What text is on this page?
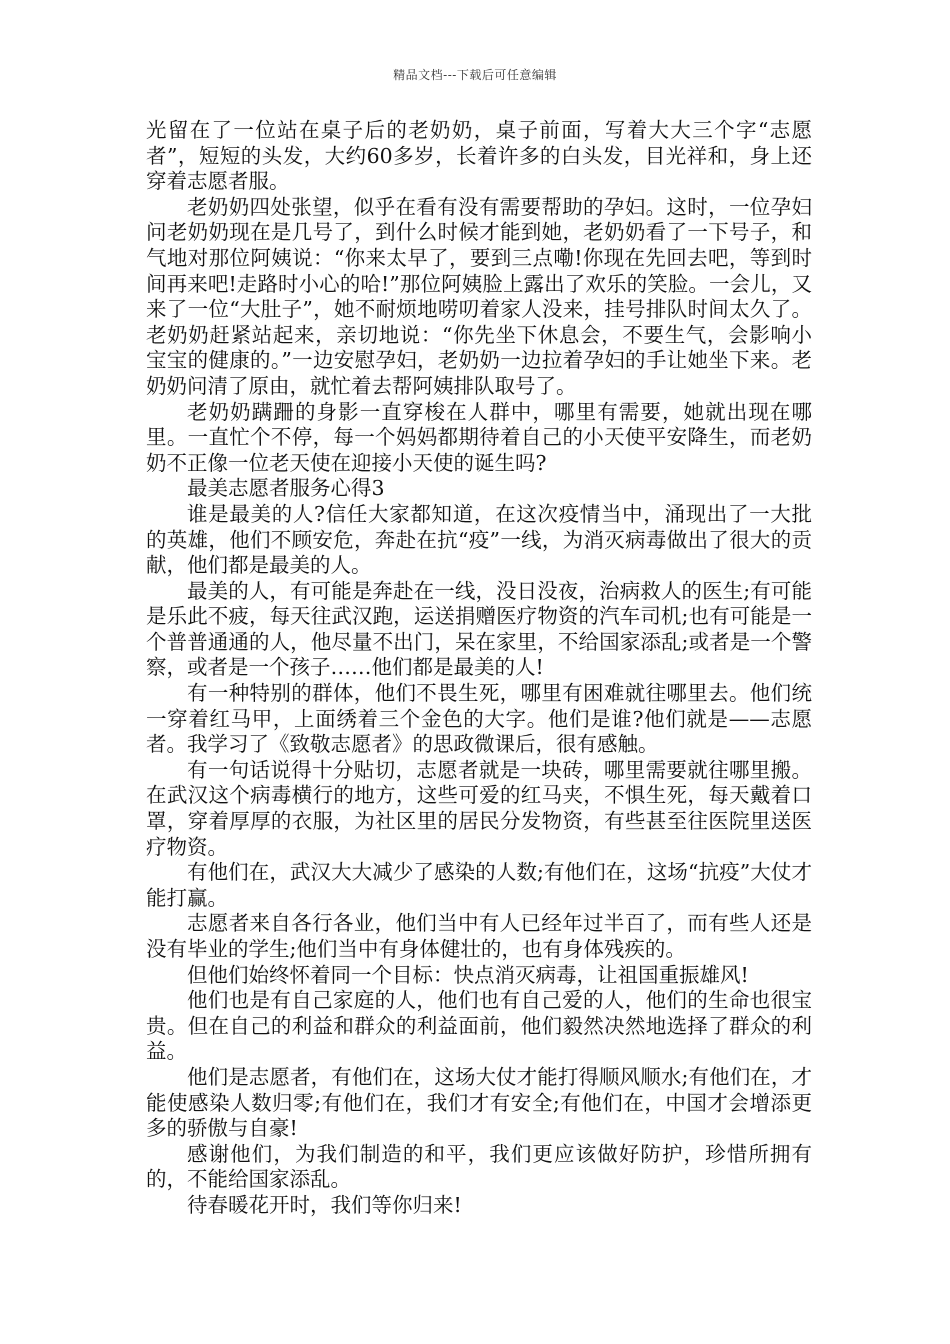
精品文档---下载后可任意编辑

光留在了一位站在桌子后的老奶奶，桌子前面，写着大大三个字“志愿者”，短短的头发，大约60多岁，长着许多的白头发，目光祥和，身上还穿着志愿者服。

老奶奶四处张望，似乎在看有没有需要帮助的孕妇。这时，一位孕妇问老奶奶现在是几号了，到什么时候才能到她，老奶奶看了一下号子，和气地对那位阿姨说：“你来太早了，要到三点嘞!你现在先回去吧，等到时间再来吧!走路时小心的哈!”那位阿姨脸上露出了欢乐的笑脸。一会儿，又来了一位“大肚子”，她不耐烦地唠叨着家人没来，挂号排队时间太久了。老奶奶赶紧站起来，亲切地说：“你先坐下休息会，不要生气，会影响小宝宝的健康的。”一边安慰孕妇，老奶奶一边拉着孕妇的手让她坐下来。老奶奶问清了原由，就忙着去帮阿姨排队取号了。

老奶奶蹒跚的身影一直穿梭在人群中，哪里有需要，她就出现在哪里。一直忙个不停，每一个妈妈都期待着自己的小天使平安降生，而老奶奶不正像一位老天使在迎接小天使的诞生吗?

最美志愿者服务心得3

谁是最美的人?信任大家都知道，在这次疫情当中，涌现出了一大批的英雄，他们不顾安危，奔赴在抗“疫”一线，为消灭病毒做出了很大的贡献，他们都是最美的人。

最美的人，有可能是奔赴在一线，没日没夜，治病救人的医生;有可能是乐此不疲，每天往武汉跑，运送捐赠医疗物资的汽车司机;也有可能是一个普普通通的人，他尽量不出门，呆在家里，不给国家添乱;或者是一个警察，或者是一个孩子……他们都是最美的人!

有一种特别的群体，他们不畏生死，哪里有困难就往哪里去。他们统一穿着红马甲，上面绣着三个金色的大字。他们是谁?他们就是——志愿者。我学习了《致敬志愿者》的思政微课后，很有感触。

有一句话说得十分贴切，志愿者就是一块砖，哪里需要就往哪里搬。在武汉这个病毒横行的地方，这些可爱的红马夹，不惧生死，每天戴着口罩，穿着厚厚的衣服，为社区里的居民分发物资，有些甚至往医院里送医疗物资。

有他们在，武汉大大减少了感染的人数;有他们在，这场“抗疫”大仗才能打赢。

志愿者来自各行各业，他们当中有人已经年过半百了，而有些人还是没有毕业的学生;他们当中有身体健壮的，也有身体残疾的。

但他们始终怀着同一个目标：快点消灭病毒，让祖国重振雄风!

他们也是有自己家庭的人，他们也有自己爱的人，他们的生命也很宝贵。但在自己的利益和群众的利益面前，他们毅然决然地选择了群众的利益。

他们是志愿者，有他们在，这场大仗才能打得顺风顺水;有他们在，才能使感染人数归零;有他们在，我们才有安全;有他们在，中国才会增添更多的骄傲与自豪!

感谢他们，为我们制造的和平，我们更应该做好防护，珍惜所拥有的，不能给国家添乱。

待春暖花开时，我们等你归来!
